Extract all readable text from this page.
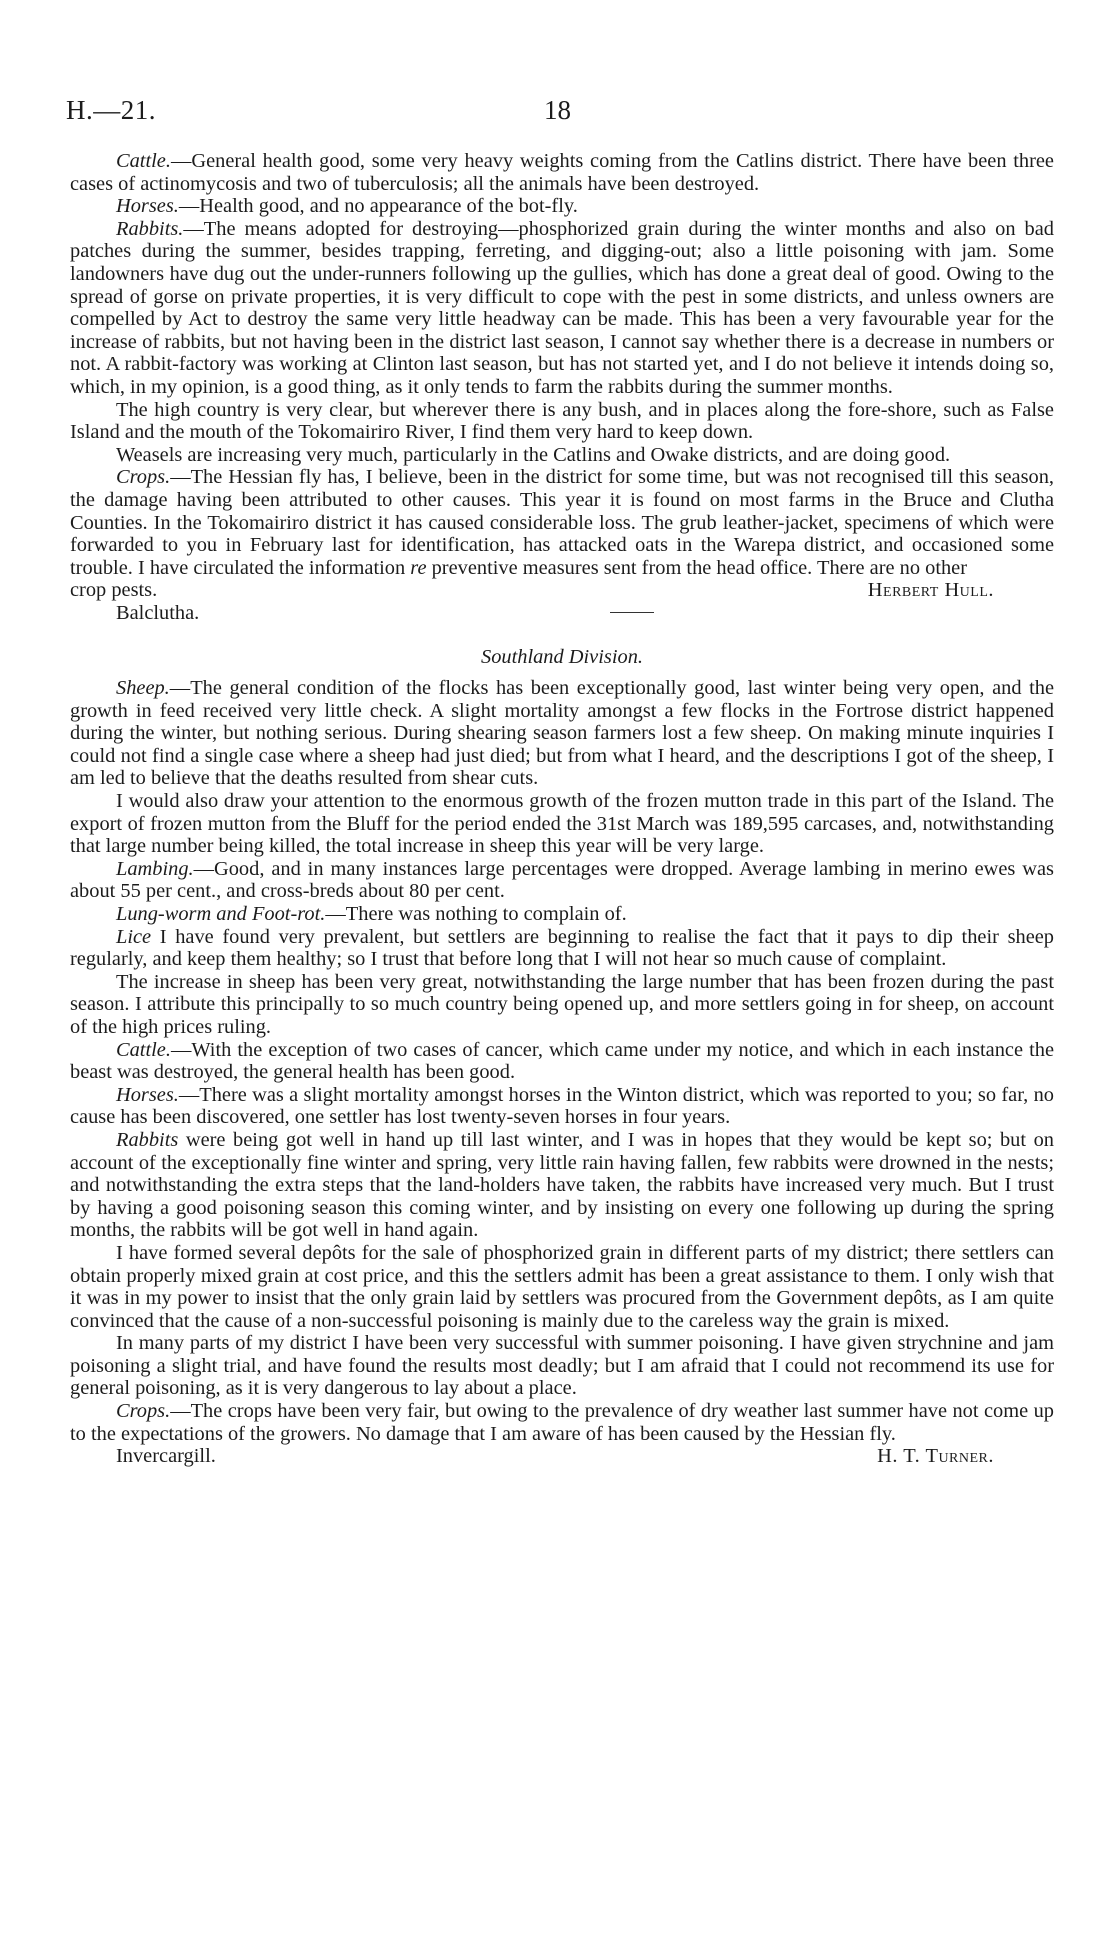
H.—21.	18

Cattle.—General health good, some very heavy weights coming from the Catlins district. There have been three cases of actinomycosis and two of tuberculosis; all the animals have been destroyed.

Horses.—Health good, and no appearance of the bot-fly.

Rabbits.—The means adopted for destroying—phosphorized grain during the winter months and also on bad patches during the summer, besides trapping, ferreting, and digging-out; also a little poisoning with jam. Some landowners have dug out the under-runners following up the gullies, which has done a great deal of good. Owing to the spread of gorse on private properties, it is very difficult to cope with the pest in some districts, and unless owners are compelled by Act to destroy the same very little headway can be made. This has been a very favourable year for the increase of rabbits, but not having been in the district last season, I cannot say whether there is a decrease in numbers or not. A rabbit-factory was working at Clinton last season, but has not started yet, and I do not believe it intends doing so, which, in my opinion, is a good thing, as it only tends to farm the rabbits during the summer months.

The high country is very clear, but wherever there is any bush, and in places along the fore-shore, such as False Island and the mouth of the Tokomairiro River, I find them very hard to keep down.

Weasels are increasing very much, particularly in the Catlins and Owake districts, and are doing good.

Crops.—The Hessian fly has, I believe, been in the district for some time, but was not recognised till this season, the damage having been attributed to other causes. This year it is found on most farms in the Bruce and Clutha Counties. In the Tokomairiro district it has caused considerable loss. The grub leather-jacket, specimens of which were forwarded to you in February last for identification, has attacked oats in the Warepa district, and occasioned some trouble. I have circulated the information re preventive measures sent from the head office. There are no other

crop pests.	Herbert Hull.
Balclutha.
Southland Division.

Sheep.—The general condition of the flocks has been exceptionally good, last winter being very open, and the growth in feed received very little check. A slight mortality amongst a few flocks in the Fortrose district happened during the winter, but nothing serious. During shearing season farmers lost a few sheep. On making minute inquiries I could not find a single case where a sheep had just died; but from what I heard, and the descriptions I got of the sheep, I am led to believe that the deaths resulted from shear cuts.

I would also draw your attention to the enormous growth of the frozen mutton trade in this part of the Island. The export of frozen mutton from the Bluff for the period ended the 31st March was 189,595 carcases, and, notwithstanding that large number being killed, the total increase in sheep this year will be very large.

Lambing.—Good, and in many instances large percentages were dropped. Average lambing in merino ewes was about 55 per cent., and cross-breds about 80 per cent.

Lung-worm and Foot-rot.—There was nothing to complain of.

Lice I have found very prevalent, but settlers are beginning to realise the fact that it pays to dip their sheep regularly, and keep them healthy; so I trust that before long that I will not hear so much cause of complaint.

The increase in sheep has been very great, notwithstanding the large number that has been frozen during the past season. I attribute this principally to so much country being opened up, and more settlers going in for sheep, on account of the high prices ruling.

Cattle.—With the exception of two cases of cancer, which came under my notice, and which in each instance the beast was destroyed, the general health has been good.

Horses.—There was a slight mortality amongst horses in the Winton district, which was reported to you; so far, no cause has been discovered, one settler has lost twenty-seven horses in four years.

Rabbits were being got well in hand up till last winter, and I was in hopes that they would be kept so; but on account of the exceptionally fine winter and spring, very little rain having fallen, few rabbits were drowned in the nests; and notwithstanding the extra steps that the land-holders have taken, the rabbits have increased very much. But I trust by having a good poisoning season this coming winter, and by insisting on every one following up during the spring months, the rabbits will be got well in hand again.

I have formed several depôts for the sale of phosphorized grain in different parts of my district; there settlers can obtain properly mixed grain at cost price, and this the settlers admit has been a great assistance to them. I only wish that it was in my power to insist that the only grain laid by settlers was procured from the Government depôts, as I am quite convinced that the cause of a non-successful poisoning is mainly due to the careless way the grain is mixed.

In many parts of my district I have been very successful with summer poisoning. I have given strychnine and jam poisoning a slight trial, and have found the results most deadly; but I am afraid that I could not recommend its use for general poisoning, as it is very dangerous to lay about a place.

Crops.—The crops have been very fair, but owing to the prevalence of dry weather last summer have not come up to the expectations of the growers. No damage that I am aware of has been caused by the Hessian fly.

Invercargill.	H. T. Turner.
